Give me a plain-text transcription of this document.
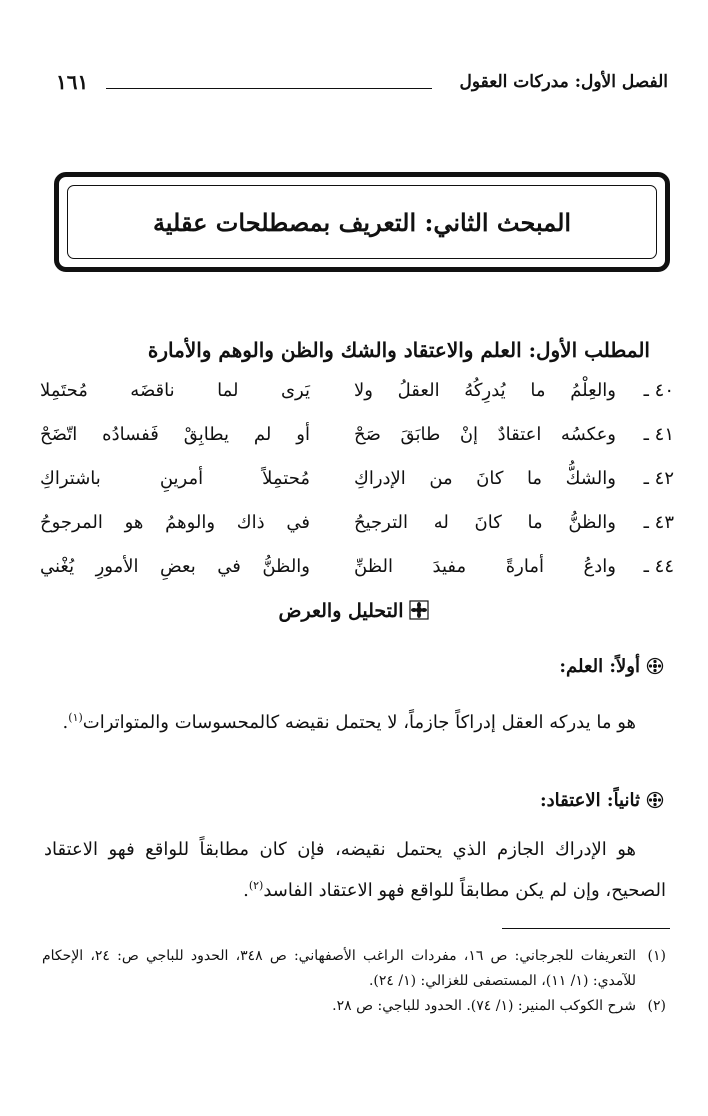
الفصل الأول: مدركات العقول
١٦١
المبحث الثاني: التعريف بمصطلحات عقلية
المطلب الأول: العلم والاعتقاد والشك والظن والوهم والأمارة
٤٠ ـ
والعِلْمُ ما يُدرِكُهُ العقلُ ولا
يَرى لما ناقضَه مُحتَمِلا
٤١ ـ
وعكسُه اعتقادٌ إنْ طابَقَ صَحْ
أو لم يطابِقْ فَفسادُه اتّضَحْ
٤٢ ـ
والشكُّ ما كانَ من الإدراكِ
مُحتمِلاً أمرينِ باشتراكِ
٤٣ ـ
والظنُّ ما كانَ له الترجيحُ
في ذاك والوهمُ هو المرجوحُ
٤٤ ـ
وادعُ أمارةً مفيدَ الظنِّ
والظنُّ في بعضِ الأمورِ يُغْني
التحليل والعرض
أولاً: العلم:
هو ما يدركه العقل إدراكاً جازماً، لا يحتمل نقيضه كالمحسوسات والمتواترات$^{(١)}$.
ثانياً: الاعتقاد:
هو الإدراك الجازم الذي يحتمل نقيضه، فإن كان مطابقاً للواقع فهو الاعتقاد الصحيح، وإن لم يكن مطابقاً للواقع فهو الاعتقاد الفاسد$^{(٢)}$.
(١)
التعريفات للجرجاني: ص ١٦، مفردات الراغب الأصفهاني: ص ٣٤٨، الحدود للباجي ص: ٢٤، الإحكام للآمدي: (١/ ١١)، المستصفى للغزالي: (١/ ٢٤).
(٢)
شرح الكوكب المنير: (١/ ٧٤). الحدود للباجي: ص ٢٨.
